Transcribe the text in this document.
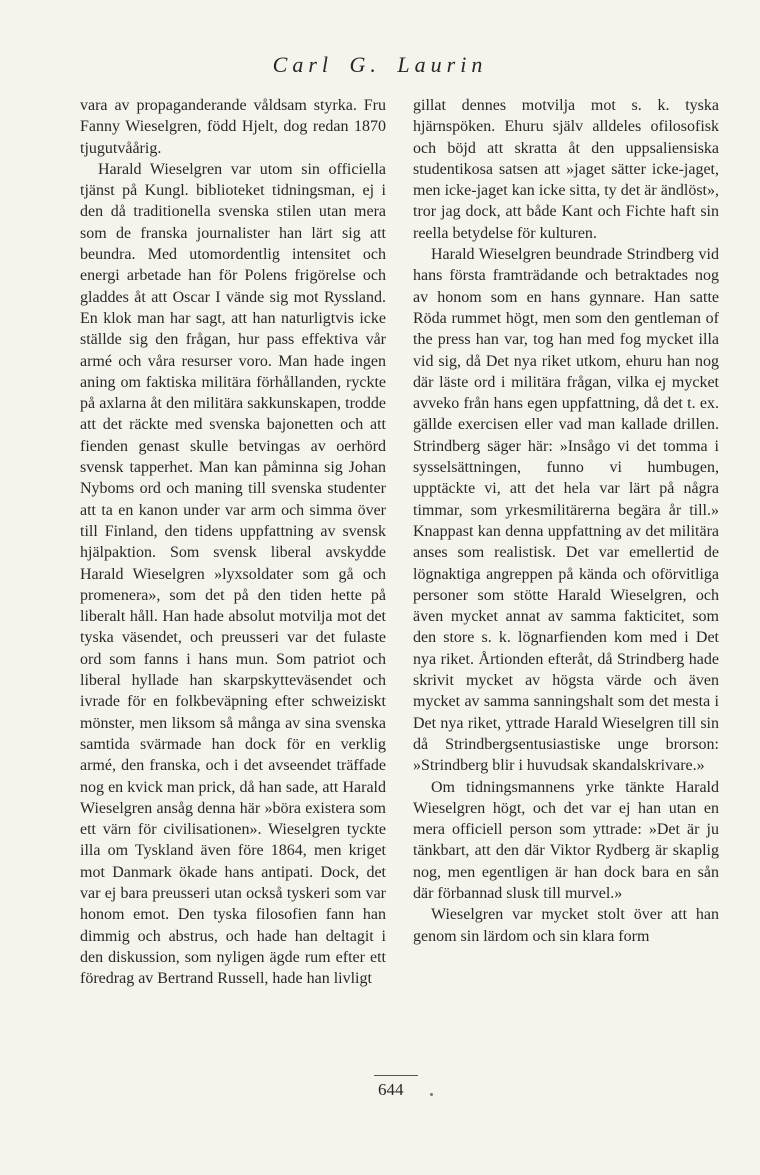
Carl G. Laurin

vara av propaganderande våldsam styrka. Fru Fanny Wieselgren, född Hjelt, dog redan 1870 tjugutvåårig.

Harald Wieselgren var utom sin officiella tjänst på Kungl. biblioteket tidningsman, ej i den då traditionella svenska stilen utan mera som de franska journalister han lärt sig att beundra. Med utomordentlig intensitet och energi arbetade han för Polens frigörelse och gladdes åt att Oscar I vände sig mot Ryssland. En klok man har sagt, att han naturligtvis icke ställde sig den frågan, hur pass effektiva vår armé och våra resurser voro. Man hade ingen aning om faktiska militära förhållanden, ryckte på axlarna åt den militära sakkunskapen, trodde att det räckte med svenska bajonetten och att fienden genast skulle betvingas av oerhörd svensk tapperhet. Man kan påminna sig Johan Nyboms ord och maning till svenska studenter att ta en kanon under var arm och simma över till Finland, den tidens uppfattning av svensk hjälpaktion. Som svensk liberal avskydde Harald Wieselgren »lyxsoldater som gå och promenera», som det på den tiden hette på liberalt håll. Han hade absolut motvilja mot det tyska väsendet, och preusseri var det fulaste ord som fanns i hans mun. Som patriot och liberal hyllade han skarpskytteväsendet och ivrade för en folkbeväpning efter schweiziskt mönster, men liksom så många av sina svenska samtida svärmade han dock för en verklig armé, den franska, och i det avseendet träffade nog en kvick man prick, då han sade, att Harald Wieselgren ansåg denna här »böra existera som ett värn för civilisationen». Wieselgren tyckte illa om Tyskland även före 1864, men kriget mot Danmark ökade hans antipati. Dock, det var ej bara preusseri utan också tyskeri som var honom emot. Den tyska filosofien fann han dimmig och abstrus, och hade han deltagit i den diskussion, som nyligen ägde rum efter ett föredrag av Bertrand Russell, hade han livligt

gillat dennes motvilja mot s. k. tyska hjärnspöken. Ehuru själv alldeles ofilosofisk och böjd att skratta åt den uppsaliensiska studentikosa satsen att »jaget sätter icke-jaget, men icke-jaget kan icke sitta, ty det är ändlöst», tror jag dock, att både Kant och Fichte haft sin reella betydelse för kulturen.

Harald Wieselgren beundrade Strindberg vid hans första framträdande och betraktades nog av honom som en hans gynnare. Han satte Röda rummet högt, men som den gentleman of the press han var, tog han med fog mycket illa vid sig, då Det nya riket utkom, ehuru han nog där läste ord i militära frågan, vilka ej mycket avveko från hans egen uppfattning, då det t. ex. gällde exercisen eller vad man kallade drillen. Strindberg säger här: »Insågo vi det tomma i sysselsättningen, funno vi humbugen, upptäckte vi, att det hela var lärt på några timmar, som yrkesmilitärerna begära år till.» Knappast kan denna uppfattning av det militära anses som realistisk. Det var emellertid de lögnaktiga angreppen på kända och oförvitliga personer som stötte Harald Wieselgren, och även mycket annat av samma fakticitet, som den store s. k. lögnarfienden kom med i Det nya riket. Årtionden efteråt, då Strindberg hade skrivit mycket av högsta värde och även mycket av samma sanningshalt som det mesta i Det nya riket, yttrade Harald Wieselgren till sin då Strindbergsentusiastiske unge brorson: »Strindberg blir i huvudsak skandalskrivare.»

Om tidningsmannens yrke tänkte Harald Wieselgren högt, och det var ej han utan en mera officiell person som yttrade: »Det är ju tänkbart, att den där Viktor Rydberg är skaplig nog, men egentligen är han dock bara en sån där förbannad slusk till murvel.»

Wieselgren var mycket stolt över att han genom sin lärdom och sin klara form

644
